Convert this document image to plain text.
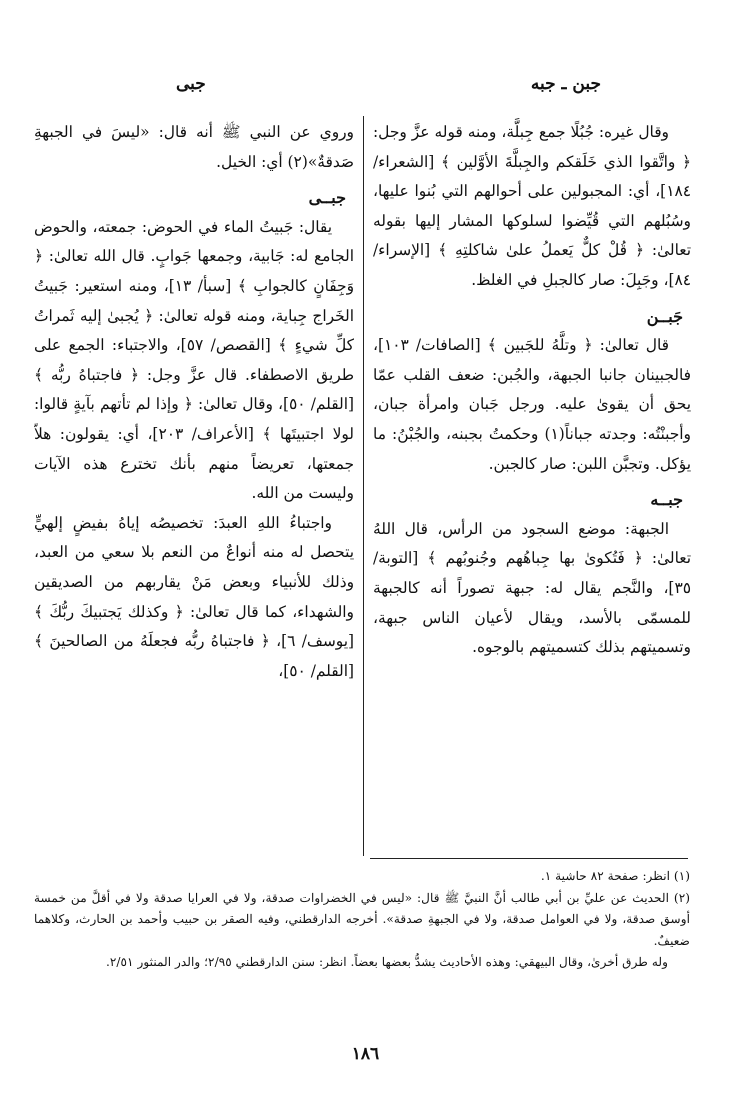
جبن ـ جبه
جبى

وقال غيره: جُبُلًا جمع جِبلَّة، ومنه قوله عزَّ وجل: ﴿ واتَّقوا الذي خَلَقكم والجِبلَّةَ الأوَّلين ﴾ [الشعراء/ ١٨٤]، أي: المجبولين على أحوالهم التي بُنوا عليها، وسُبُلهم التي قُيِّضوا لسلوكها المشار إليها بقوله تعالىٰ: ﴿ قُلْ كلٌّ يَعملُ علىٰ شاكلتِهِ ﴾ [الإسراء/ ٨٤]، وجَبِلَ: صار كالجبلِ في الغلظ.

جَبــن

قال تعالىٰ: ﴿ وتلَّهُ للجَبين ﴾ [الصافات/ ١٠٣]، فالجبينان جانبا الجبهة، والجُبن: ضعف القلب عمّا يحق أن يقوىٰ عليه. ورجل جَبان وامرأة جبان، وأجبنْتُه: وجدته جباناً(١) وحكمتُ بجبنه، والجُبْنُ: ما يؤكل. وتجبَّن اللبن: صار كالجبن.

جبــه

الجبهة: موضع السجود من الرأس، قال اللهُ تعالىٰ: ﴿ فَتُكوىٰ بها جِباهُهم وجُنوبُهم ﴾ [التوبة/ ٣٥]، والنَّجم يقال له: جبهة تصوراً أنه كالجبهة للمسمّى بالأسد، ويقال لأعيان الناس جبهة، وتسميتهم بذلك كتسميتهم بالوجوه.

وروي عن النبي ﷺ أنه قال: «ليسَ في الجبهةِ صَدقةٌ»(٢) أي: الخيل.

جبــى

يقال: جَبيتُ الماء في الحوض: جمعته، والحوض الجامع له: جَابية، وجمعها جَوابٍ. قال الله تعالىٰ: ﴿ وَجِفَانٍ كالجوابِ ﴾ [سبأ/ ١٣]، ومنه استعير: جَبيتُ الخَراج جِباية، ومنه قوله تعالىٰ: ﴿ يُجبىٰ إليه ثَمراتُ كلِّ شيءٍ ﴾ [القصص/ ٥٧]، والاجتباء: الجمع على طريق الاصطفاء. قال عزَّ وجل: ﴿ فاجتباهُ ربُّه ﴾ [القلم/ ٥٠]، وقال تعالىٰ: ﴿ وإذا لم تأتهم بآيةٍ قالوا: لولا اجتبيتَها ﴾ [الأعراف/ ٢٠٣]، أي: يقولون: هلاّ جمعتها، تعريضاً منهم بأنك تخترع هذه الآيات وليست من الله.

واجتباءُ اللهِ العبدَ: تخصيصُه إياهُ بفيضٍ إلهيٍّ يتحصل له منه أنواعٌ من النعم بلا سعي من العبد، وذلك للأنبياء وبعض مَنْ يقاربهم من الصديقين والشهداء، كما قال تعالىٰ: ﴿ وكذلك يَجتبيكَ ربُّكَ ﴾ [يوسف/ ٦]، ﴿ فاجتباهُ ربُّه فجعلَهُ من الصالحينَ ﴾ [القلم/ ٥٠]،

(١) انظر: صفحة ٨٢ حاشية ١.

(٢) الحديث عن عليِّ بن أبي طالب أنَّ النبيَّ ﷺ قال: «ليس في الخضراوات صدقة، ولا في العرايا صدقة ولا في أقلَّ من خمسة أوسق صدقة، ولا في العوامل صدقة، ولا في الجبهةِ صدقة». أخرجه الدارقطني، وفيه الصقر بن حبيب وأحمد بن الحارث، وكلاهما ضعيفٌ.

وله طرق أخرىٰ، وقال البيهقي: وهذه الأحاديث يشدُّ بعضها بعضاً. انظر: سنن الدارقطني ٢/٩٥؛ والدر المنثور ٢/٥١.

١٨٦
